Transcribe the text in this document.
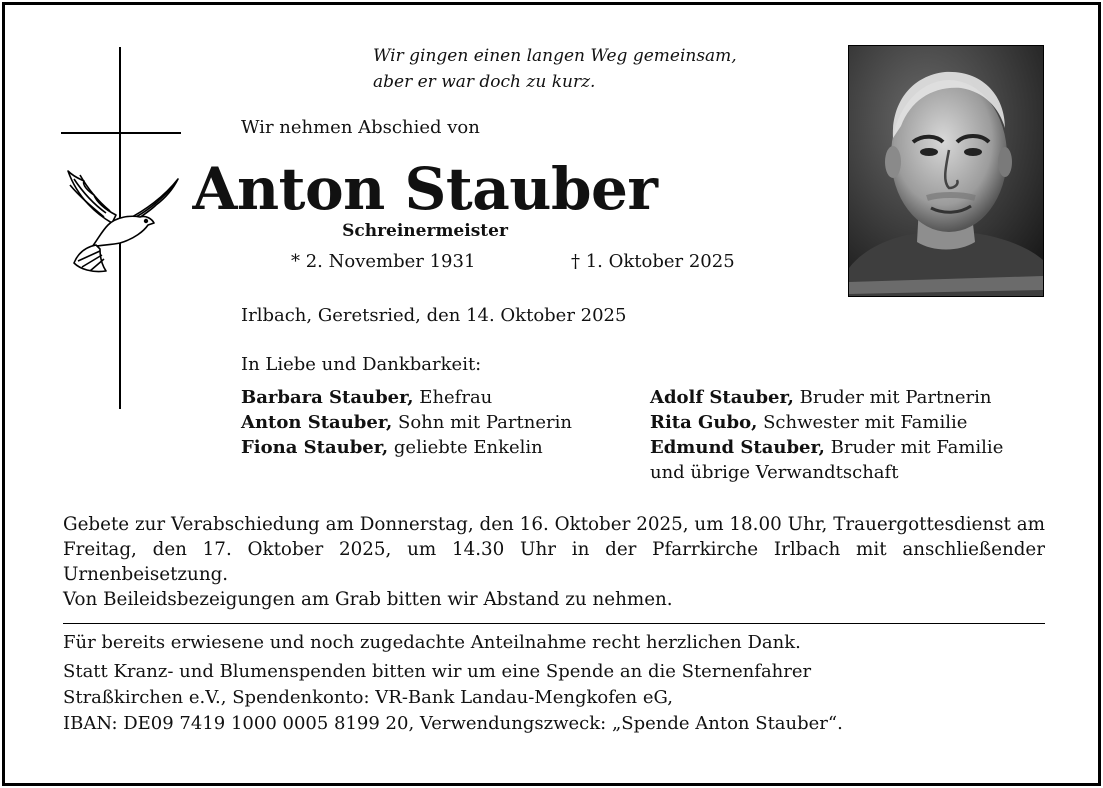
Wir gingen einen langen Weg gemeinsam,
aber er war doch zu kurz.
Wir nehmen Abschied von
Anton Stauber
Schreinermeister
* 2. November 1931	† 1. Oktober 2025
Irlbach, Geretsried, den 14. Oktober 2025
In Liebe und Dankbarkeit:
Barbara Stauber, Ehefrau
Anton Stauber, Sohn mit Partnerin
Fiona Stauber, geliebte Enkelin
Adolf Stauber, Bruder mit Partnerin
Rita Gubo, Schwester mit Familie
Edmund Stauber, Bruder mit Familie
und übrige Verwandtschaft
Gebete zur Verabschiedung am Donnerstag, den 16. Oktober 2025, um 18.00 Uhr, Trauergottesdienst am Freitag, den 17. Oktober 2025, um 14.30 Uhr in der Pfarrkirche Irlbach mit anschließender Urnenbeisetzung.
Von Beileidsbezeigungen am Grab bitten wir Abstand zu nehmen.
Für bereits erwiesene und noch zugedachte Anteilnahme recht herzlichen Dank.
Statt Kranz- und Blumenspenden bitten wir um eine Spende an die Sternenfahrer
Straßkirchen e.V., Spendenkonto: VR-Bank Landau-Mengkofen eG,
IBAN: DE09 7419 1000 0005 8199 20, Verwendungszweck: „Spende Anton Stauber“.
